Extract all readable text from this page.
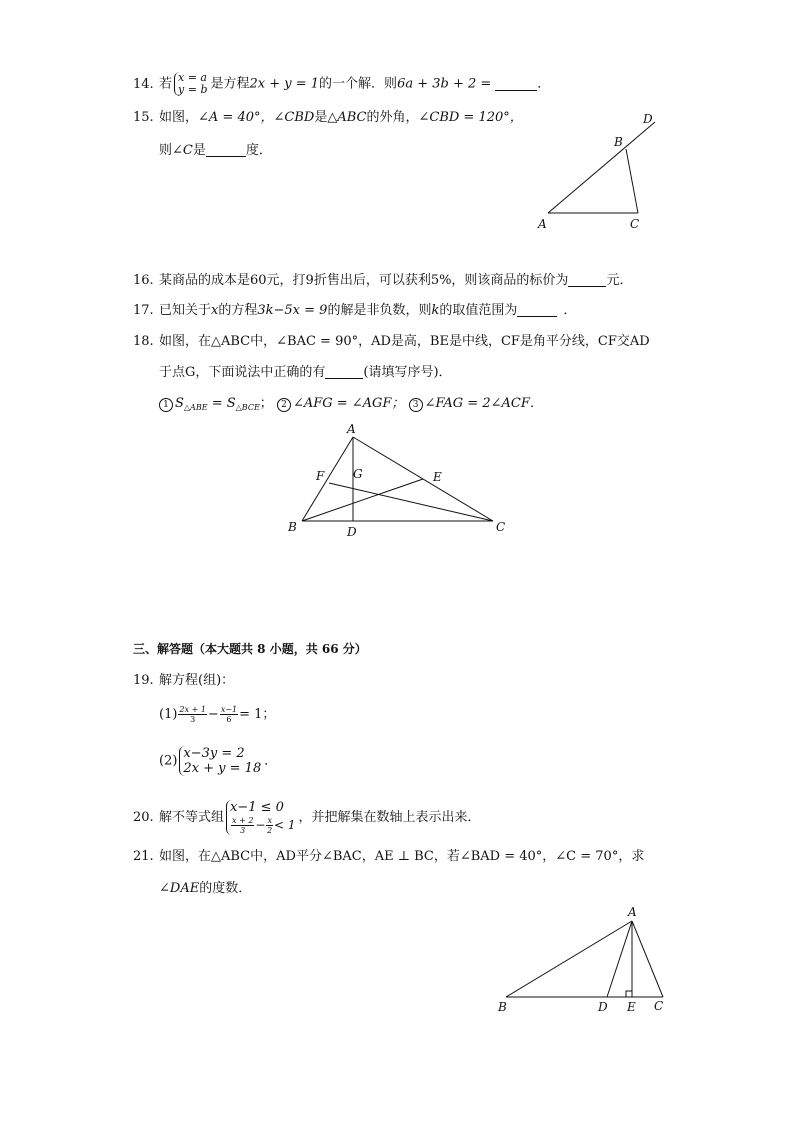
14. 若 x = a
y = b 是方程2x + y = 1的一个解．则6a + 3b + 2 =	．
15. 如图，∠A = 40°，∠CBD是△ABC的外角，∠CBD = 120°，
则∠C是	度．
A
B
C
D
16. 某商品的成本是60元，打9折售出后，可以获利5%，则该商品的标价为	元．
17. 已知关于x的方程3k−5x = 9的解是非负数，则k的取值范围为	．
18. 如图，在△ABC中，∠BAC = 90°，AD是高，BE是中线，CF是角平分线，CF交AD
于点G，下面说法中正确的有	(请填写序号)．
1 $S_{\triangle ABE} = S_{\triangle BCE}$； 2 ∠AFG = ∠AGF； 3 ∠FAG = 2∠ACF．
A
B	C
D
E
F G
三、解答题（本大题共 8 小题，共 66 分）
19. 解方程(组)：
$(1) \frac{2x + 1}{3} - \frac{x-1}{6} = 1$；
(2) x−3y = 2
2x + y = 18 ．
20. 解不等式组
x−1 ≤ 0
$\frac{x + 2}{3} - \frac{x}{2} < 1$ ，并把解集在数轴上表示出来．
21. 如图，在△ABC中，AD平分∠BAC，AE ⊥ BC，若∠BAD = 40°，∠C = 70°，求
∠DAE的度数．
A
B	C
D E
